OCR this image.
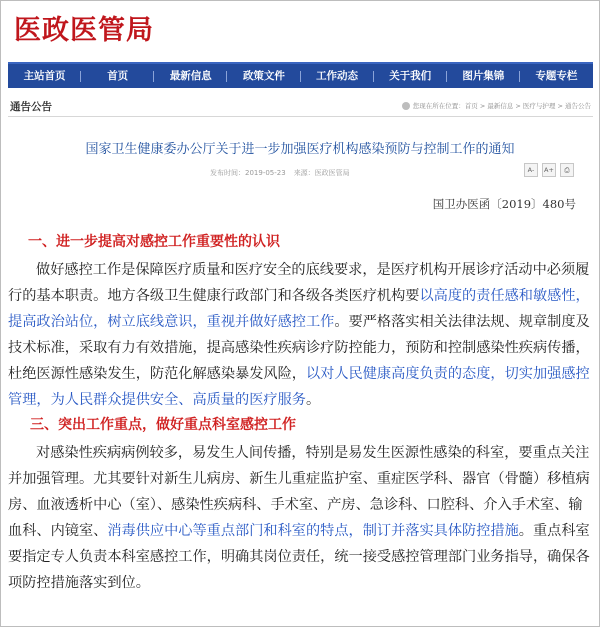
医政医管局
主站首页	首页	最新信息	政策文件	工作动态	关于我们	图片集锦	专题专栏
通告公告	您现在所在位置：首页 > 最新信息 > 医疗与护理 > 通告公告
国家卫生健康委办公厅关于进一步加强医疗机构感染预防与控制工作的通知
发布时间：2019-05-23 来源：医政医管局	A-	A+	⎙
国卫办医函〔2019〕480号
一、进一步提高对感控工作重要性的认识
做好感控工作是保障医疗质量和医疗安全的底线要求，是医疗机构开展诊疗活动中必须履行的基本职责。地方各级卫生健康行政部门和各级各类医疗机构要以高度的责任感和敏感性，提高政治站位，树立底线意识，重视并做好感控工作。要严格落实相关法律法规、规章制度及技术标准，采取有力有效措施，提高感染性疾病诊疗防控能力，预防和控制感染性疾病传播，杜绝医源性感染发生，防范化解感染暴发风险，以对人民健康高度负责的态度，切实加强感控管理，为人民群众提供安全、高质量的医疗服务。
三、突出工作重点，做好重点科室感控工作
对感染性疾病病例较多，易发生人间传播，特别是易发生医源性感染的科室，要重点关注并加强管理。尤其要针对新生儿病房、新生儿重症监护室、重症医学科、器官（骨髓）移植病房、血液透析中心（室）、感染性疾病科、手术室、产房、急诊科、口腔科、介入手术室、输血科、内镜室、消毒供应中心等重点部门和科室的特点，制订并落实具体防控措施。重点科室要指定专人负责本科室感控工作，明确其岗位责任，统一接受感控管理部门业务指导，确保各项防控措施落实到位。
